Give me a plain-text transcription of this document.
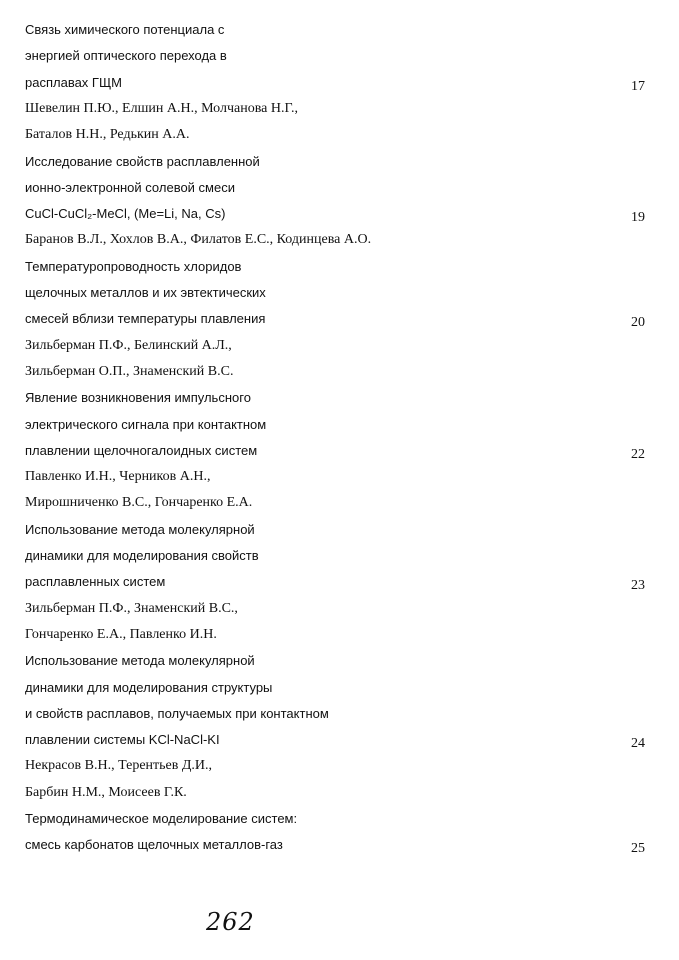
Связь химического потенциала с
энергией оптического перехода в
расплавах ГЩМ	17
Шевелин П.Ю., Елшин А.Н., Молчанова Н.Г.,
Баталов Н.Н., Редькин А.А.
Исследование свойств расплавленной
ионно-электронной солевой смеси
CuCl-CuCl₂-MeCl, (Me=Li, Na, Cs)	19
Баранов В.Л., Хохлов В.А., Филатов Е.С., Кодинцева А.О.
Температуропроводность хлоридов
щелочных металлов и их эвтектических
смесей вблизи температуры плавления	20
Зильберман П.Ф., Белинский А.Л.,
Зильберман О.П., Знаменский В.С.
Явление возникновения импульсного
электрического сигнала при контактном
плавлении щелочногалоидных систем	22
Павленко И.Н., Черников А.Н.,
Мирошниченко В.С., Гончаренко Е.А.
Использование метода молекулярной
динамики для моделирования свойств
расплавленных систем	23
Зильберман П.Ф., Знаменский В.С.,
Гончаренко Е.А., Павленко И.Н.
Использование метода молекулярной
динамики для моделирования структуры
и свойств расплавов, получаемых при контактном
плавлении системы KCl-NaCl-KI	24
Некрасов В.Н., Терентьев Д.И.,
Барбин Н.М., Моисеев Г.К.
Термодинамическое моделирование систем:
смесь карбонатов щелочных металлов-газ	25
262
